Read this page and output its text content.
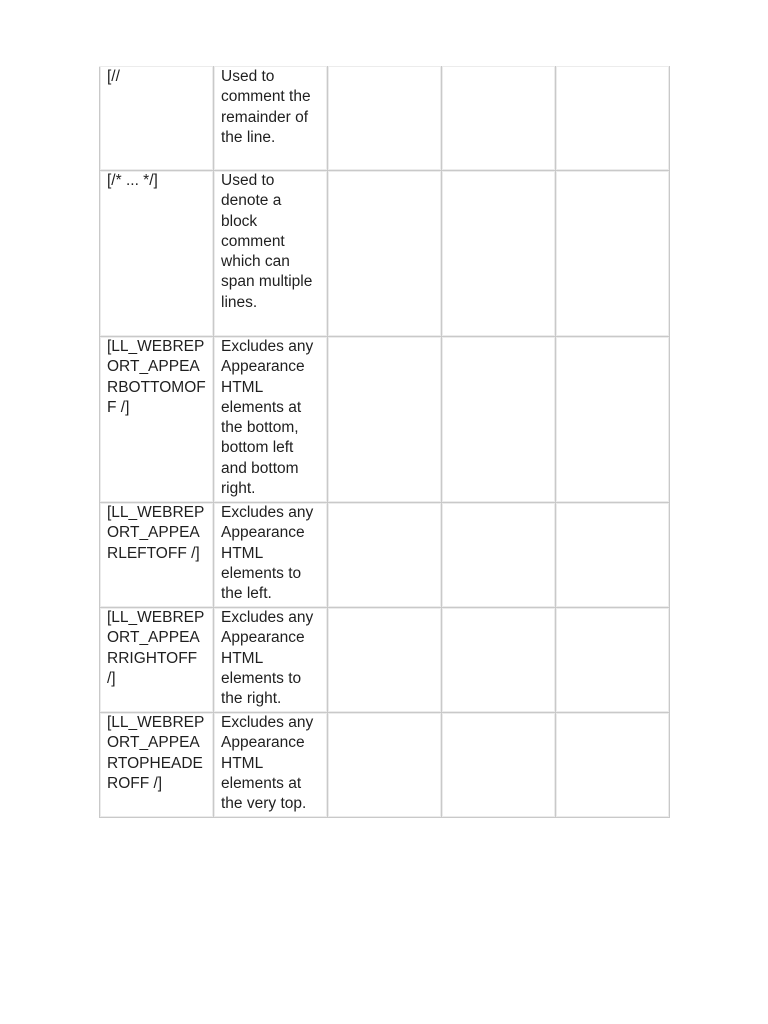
[//	Used to comment the remainder of the line.			

[/* ... */]	Used to denote a block comment which can span multiple lines.			

[LL_WEBREPORT_APPEARBOTTOMOFF /]	Excludes any Appearance HTML elements at the bottom, bottom left and bottom right.			

[LL_WEBREPORT_APPEARLEFTOFF /]	Excludes any Appearance HTML elements to the left.			

[LL_WEBREPORT_APPEARRIGHTOFF /]	Excludes any Appearance HTML elements to the right.			

[LL_WEBREPORT_APPEARTOPHEADEROFF /]	Excludes any Appearance HTML elements at the very top.			
